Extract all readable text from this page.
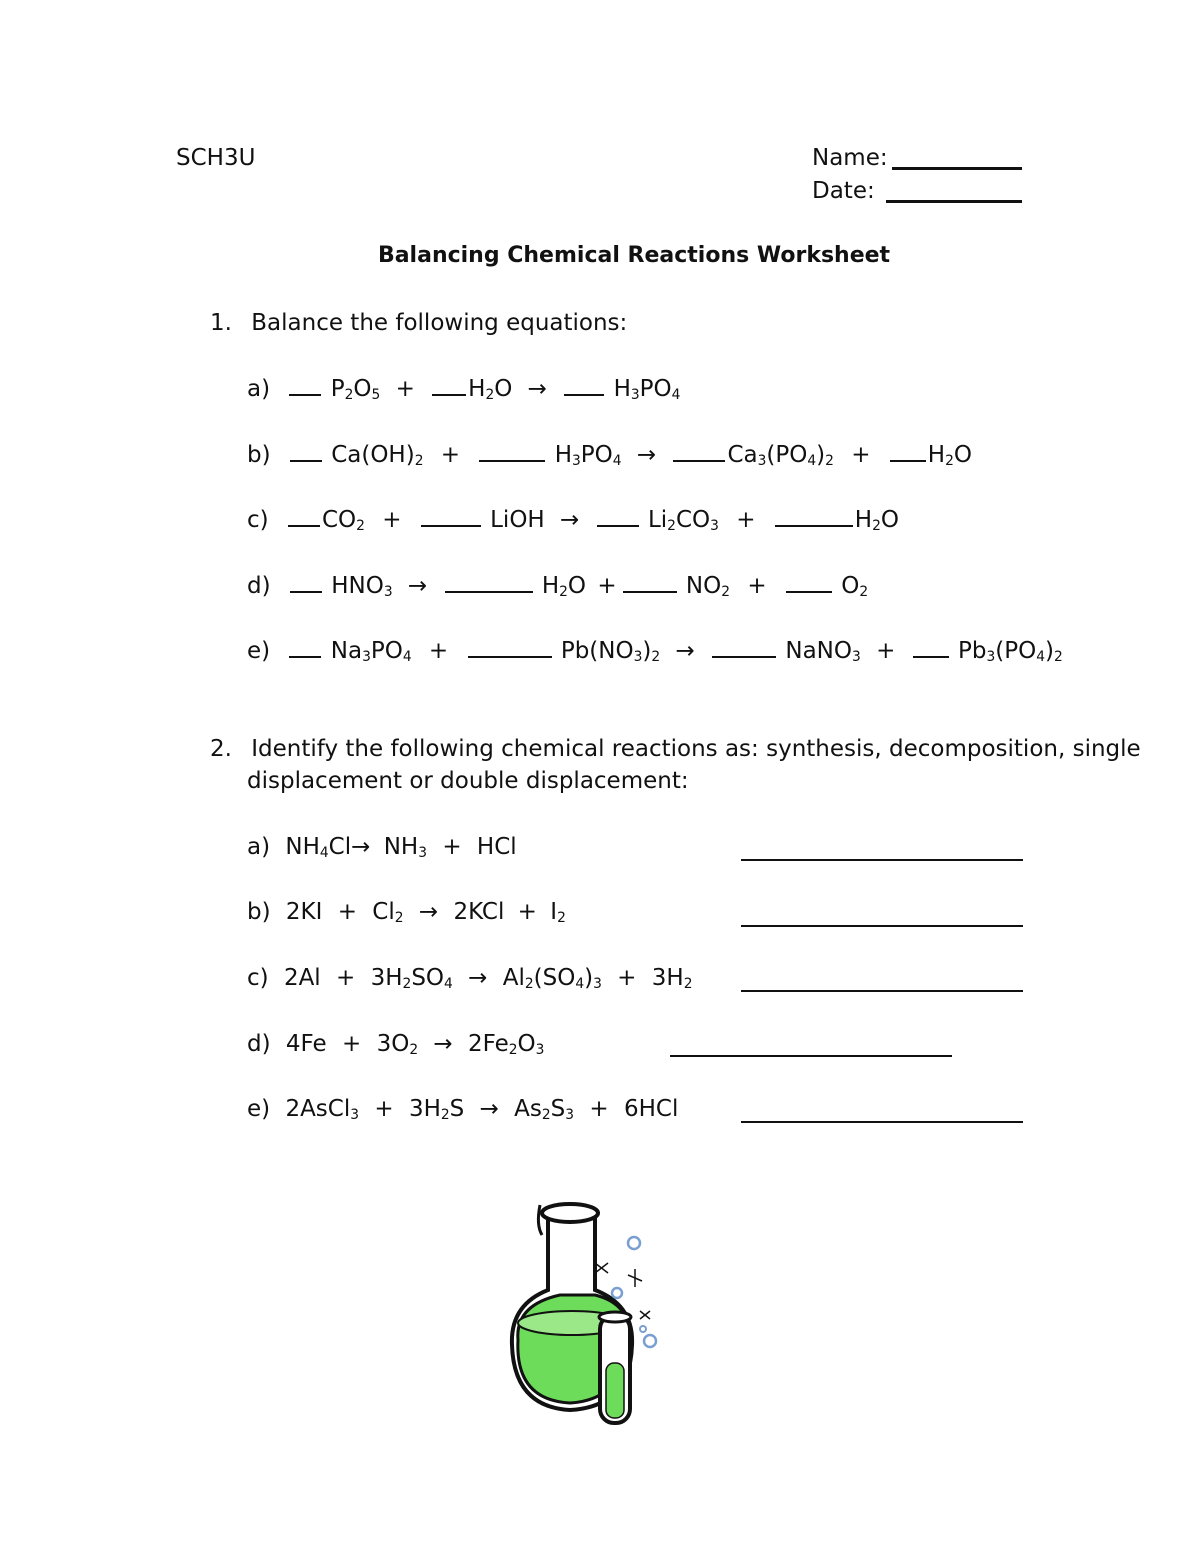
SCH3U	Name:
Date:
Balancing Chemical Reactions Worksheet
1. Balance the following equations:
a)	$P_2O_5 + H_2O$ →	$H_3PO_4$
b)	$Ca(OH)_2$ +	$H_3PO_4$ →	$Ca_3(PO_4)_2 + H_2O$
c) $CO_2$ +	LiOH →	$Li_2CO_3$ +	$H_2O$
d)	$HNO_3$ →	$H_2O$ +	$NO_2$ +	$O_2$
e)	$Na_3PO_4$ +	$Pb(NO_3)_2$ →	NaNO$_3$ +	$Pb_3(PO_4)_2$
2. Identify the following chemical reactions as: synthesis, decomposition, single
displacement or double displacement:
a) $NH_4Cl\to NH_3$ + HCl
b) $2KI + Cl_2 \to 2KCl + I_2$
c) $2Al + 3H_2SO_4 \to Al_2(SO_4)_3 + 3H_2$
d) $4Fe + 3O_2 \to 2Fe_2O_3$
e) 2AsCl$_3$ + $3H_2S \to As_2S_3 + 6HCl$
